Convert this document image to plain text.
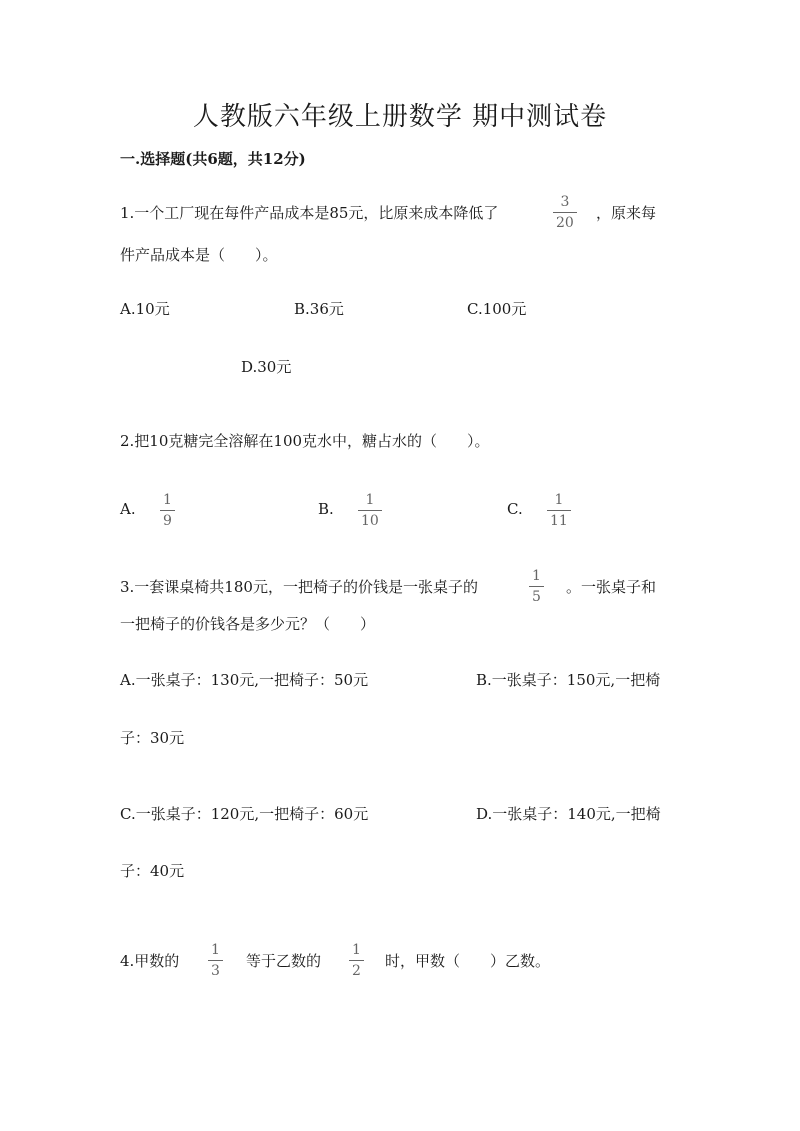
人教版六年级上册数学 期中测试卷
一.选择题(共6题，共12分)
1.一个工厂现在每件产品成本是85元，比原来成本降低了
3
20
，原来每
件产品成本是（　　）。
A.10元	B.36元	C.100元
D.30元
2.把10克糖完全溶解在100克水中，糖占水的（　　）。
A. 1
9
B. 1
10
C. 1
11
3.一套课桌椅共180元，一把椅子的价钱是一张桌子的
1
5
。一张桌子和
一把椅子的价钱各是多少元？（　　）
A.一张桌子：130元,一把椅子：50元	B.一张桌子：150元,一把椅
子：30元
C.一张桌子：120元,一把椅子：60元	D.一张桌子：140元,一把椅
子：40元
4.甲数的
1
3
等于乙数的
1
2
时，甲数（　　）乙数。
